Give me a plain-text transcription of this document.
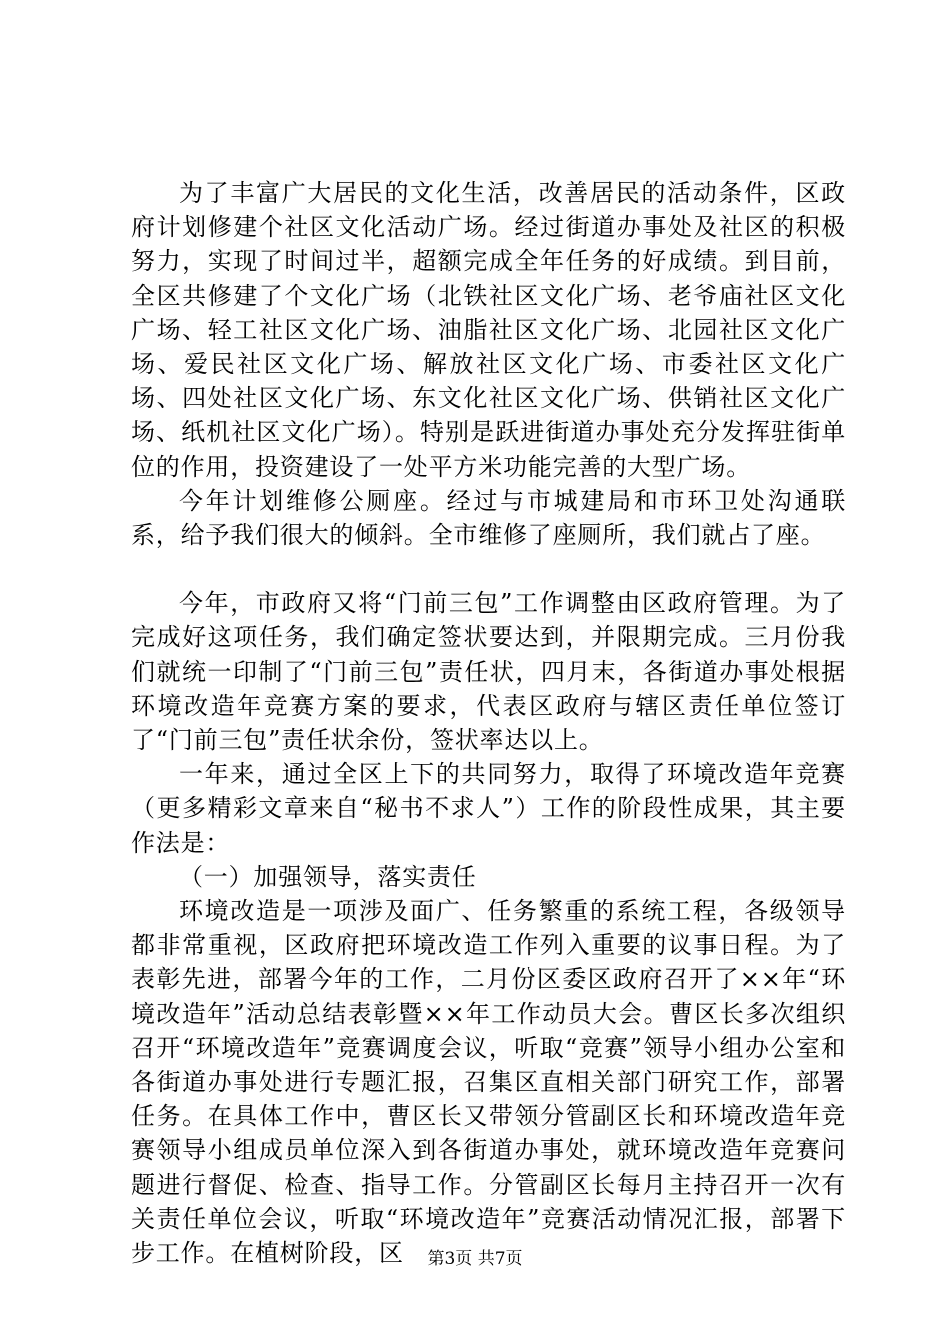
为了丰富广大居民的文化生活，改善居民的活动条件，区政府计划修建个社区文化活动广场。经过街道办事处及社区的积极努力，实现了时间过半，超额完成全年任务的好成绩。到目前，全区共修建了个文化广场（北铁社区文化广场、老爷庙社区文化广场、轻工社区文化广场、油脂社区文化广场、北园社区文化广场、爱民社区文化广场、解放社区文化广场、市委社区文化广场、四处社区文化广场、东文化社区文化广场、供销社区文化广场、纸机社区文化广场）。特别是跃进街道办事处充分发挥驻街单位的作用，投资建设了一处平方米功能完善的大型广场。

今年计划维修公厕座。经过与市城建局和市环卫处沟通联系，给予我们很大的倾斜。全市维修了座厕所，我们就占了座。

今年，市政府又将“门前三包”工作调整由区政府管理。为了完成好这项任务，我们确定签状要达到，并限期完成。三月份我们就统一印制了“门前三包”责任状，四月末，各街道办事处根据环境改造年竞赛方案的要求，代表区政府与辖区责任单位签订了“门前三包”责任状余份，签状率达以上。

一年来，通过全区上下的共同努力，取得了环境改造年竞赛（更多精彩文章来自“秘书不求人”）工作的阶段性成果，其主要作法是：

（一）加强领导，落实责任

环境改造是一项涉及面广、任务繁重的系统工程，各级领导都非常重视，区政府把环境改造工作列入重要的议事日程。为了表彰先进，部署今年的工作，二月份区委区政府召开了××年“环境改造年”活动总结表彰暨××年工作动员大会。曹区长多次组织召开“环境改造年”竞赛调度会议，听取“竞赛”领导小组办公室和各街道办事处进行专题汇报，召集区直相关部门研究工作，部署任务。在具体工作中，曹区长又带领分管副区长和环境改造年竞赛领导小组成员单位深入到各街道办事处，就环境改造年竞赛问题进行督促、检查、指导工作。分管副区长每月主持召开一次有关责任单位会议，听取“环境改造年”竞赛活动情况汇报，部署下步工作。在植树阶段，区	第3页 共7页
